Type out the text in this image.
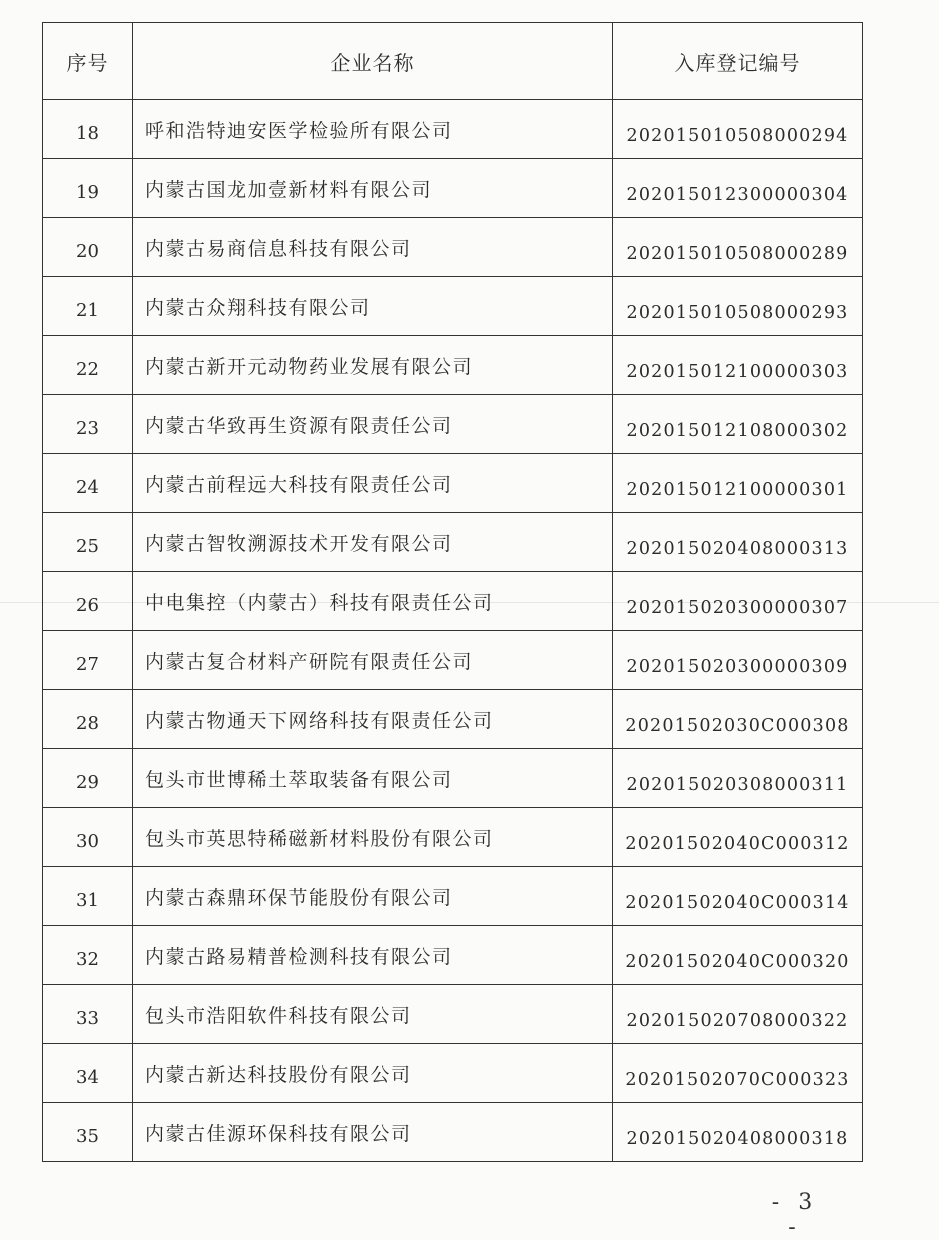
序号	企业名称	入库登记编号
18	呼和浩特迪安医学检验所有限公司	202015010508000294
19	内蒙古国龙加壹新材料有限公司	202015012300000304
20	内蒙古易商信息科技有限公司	202015010508000289
21	内蒙古众翔科技有限公司	202015010508000293
22	内蒙古新开元动物药业发展有限公司	202015012100000303
23	内蒙古华致再生资源有限责任公司	202015012108000302
24	内蒙古前程远大科技有限责任公司	202015012100000301
25	内蒙古智牧溯源技术开发有限公司	202015020408000313
26	中电集控（内蒙古）科技有限责任公司	202015020300000307
27	内蒙古复合材料产研院有限责任公司	202015020300000309
28	内蒙古物通天下网络科技有限责任公司	20201502030C000308
29	包头市世博稀土萃取装备有限公司	202015020308000311
30	包头市英思特稀磁新材料股份有限公司	20201502040C000312
31	内蒙古森鼎环保节能股份有限公司	20201502040C000314
32	内蒙古路易精普检测科技有限公司	20201502040C000320
33	包头市浩阳软件科技有限公司	202015020708000322
34	内蒙古新达科技股份有限公司	20201502070C000323
35	内蒙古佳源环保科技有限公司	202015020408000318
- 3 -
